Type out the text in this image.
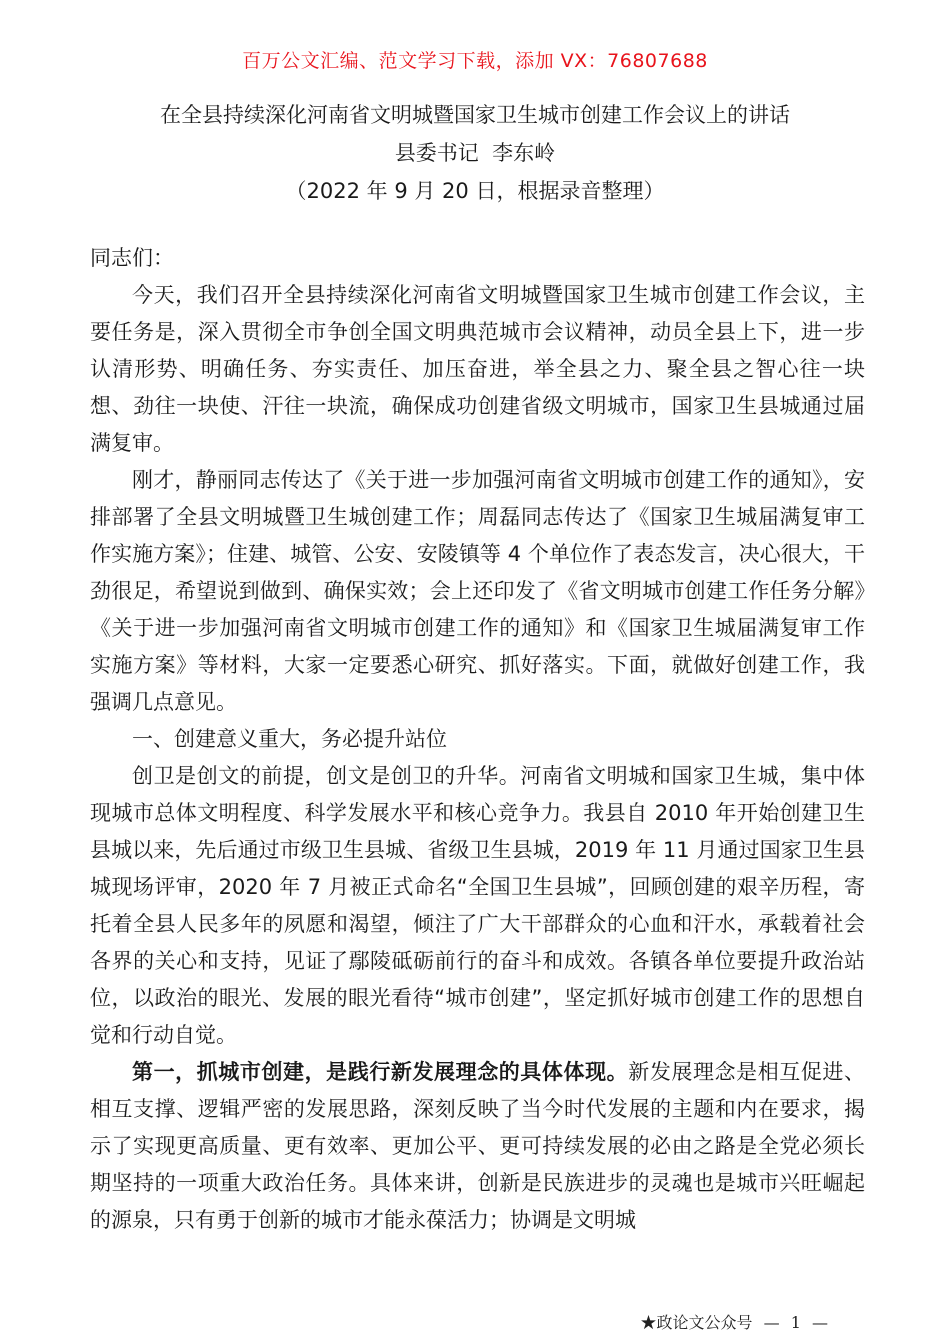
百万公文汇编、范文学习下载，添加 VX：76807688
在全县持续深化河南省文明城暨国家卫生城市创建工作会议上的讲话
县委书记  李东岭
（2022 年 9 月 20 日，根据录音整理）

同志们：

今天，我们召开全县持续深化河南省文明城暨国家卫生城市创建工作会议，主要任务是，深入贯彻全市争创全国文明典范城市会议精神，动员全县上下，进一步认清形势、明确任务、夯实责任、加压奋进，举全县之力、聚全县之智心往一块想、劲往一块使、汗往一块流，确保成功创建省级文明城市，国家卫生县城通过届满复审。

刚才，静丽同志传达了《关于进一步加强河南省文明城市创建工作的通知》，安排部署了全县文明城暨卫生城创建工作；周磊同志传达了《国家卫生城届满复审工作实施方案》；住建、城管、公安、安陵镇等 4 个单位作了表态发言，决心很大，干劲很足，希望说到做到、确保实效；会上还印发了《省文明城市创建工作任务分解》《关于进一步加强河南省文明城市创建工作的通知》和《国家卫生城届满复审工作实施方案》等材料，大家一定要悉心研究、抓好落实。下面，就做好创建工作，我强调几点意见。

一、创建意义重大，务必提升站位

创卫是创文的前提，创文是创卫的升华。河南省文明城和国家卫生城，集中体现城市总体文明程度、科学发展水平和核心竞争力。我县自 2010 年开始创建卫生县城以来，先后通过市级卫生县城、省级卫生县城，2019 年 11 月通过国家卫生县城现场评审，2020 年 7 月被正式命名“全国卫生县城”，回顾创建的艰辛历程，寄托着全县人民多年的夙愿和渴望，倾注了广大干部群众的心血和汗水，承载着社会各界的关心和支持，见证了鄢陵砥砺前行的奋斗和成效。各镇各单位要提升政治站位，以政治的眼光、发展的眼光看待“城市创建”，坚定抓好城市创建工作的思想自觉和行动自觉。

第一，抓城市创建，是践行新发展理念的具体体现。新发展理念是相互促进、相互支撑、逻辑严密的发展思路，深刻反映了当今时代发展的主题和内在要求，揭示了实现更高质量、更有效率、更加公平、更可持续发展的必由之路是全党必须长期坚持的一项重大政治任务。具体来讲，创新是民族进步的灵魂也是城市兴旺崛起的源泉，只有勇于创新的城市才能永葆活力；协调是文明城

★政论文公众号 — 1 —
